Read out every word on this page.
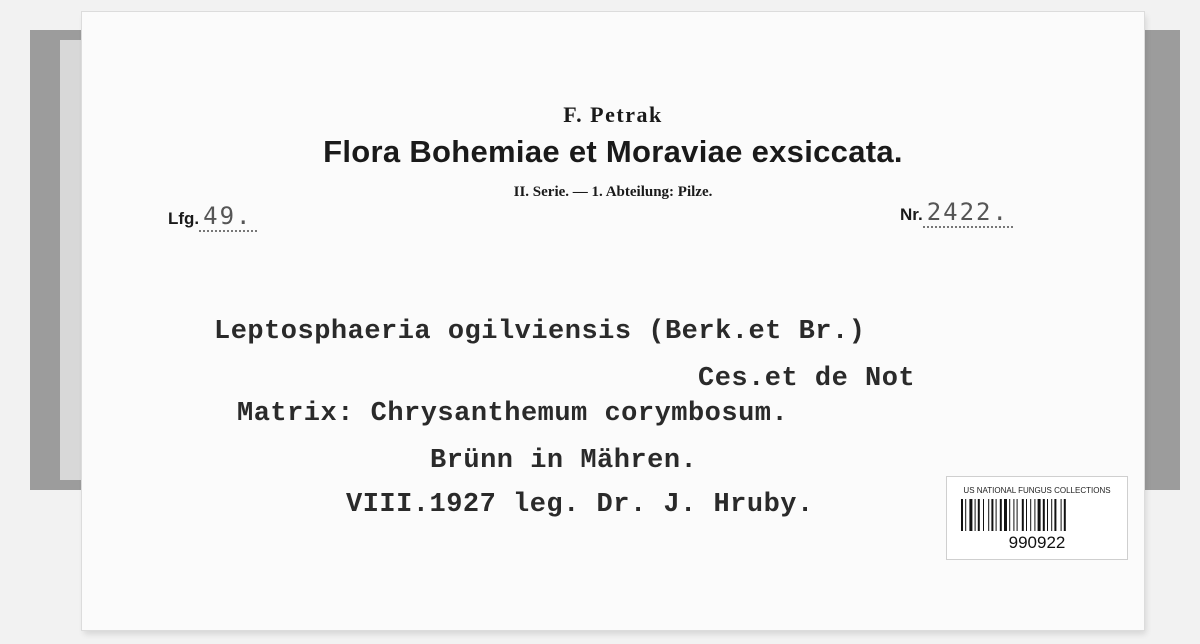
F. Petrak
Flora Bohemiae et Moraviae exsiccata.
II. Serie. — 1. Abteilung: Pilze.
Lfg. 49.	Nr. 2422.
Leptosphaeria ogilviensis (Berk.et Br.)
Ces.et de Not
Matrix: Chrysanthemum corymbosum.
Brünn in Mähren.
VIII.1927 leg. Dr. J. Hruby.	US NATIONAL FUNGUS COLLECTIONS
990922
